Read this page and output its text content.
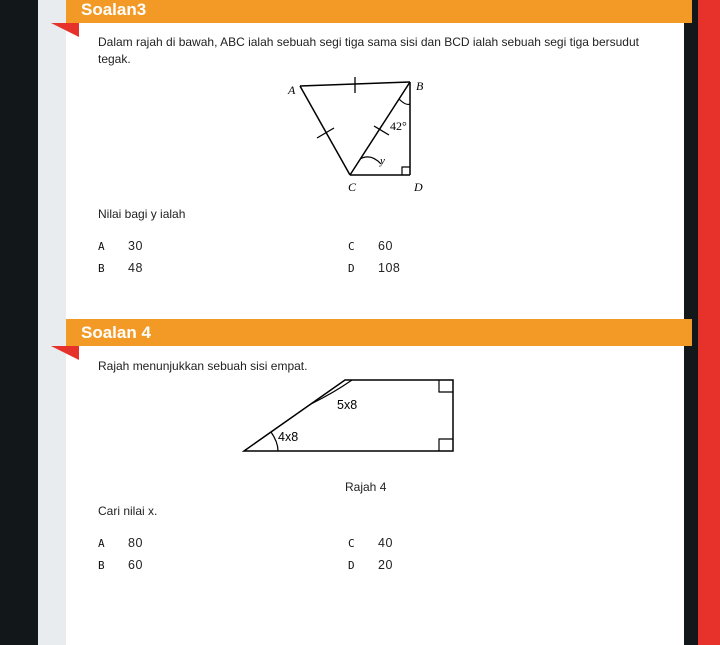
Soalan3
Dalam rajah di bawah, ABC ialah sebuah segi tiga sama sisi dan BCD ialah sebuah segi tiga bersudut
tegak.
A	B
C	D
42°
y
Nilai bagi y ialah
A 30
B 48
C 60
D 108
Soalan 4
Rajah menunjukkan sebuah sisi empat.
5x8
4x8
Rajah 4
Cari nilai x.
A 80
B 60
C 40
D 20
